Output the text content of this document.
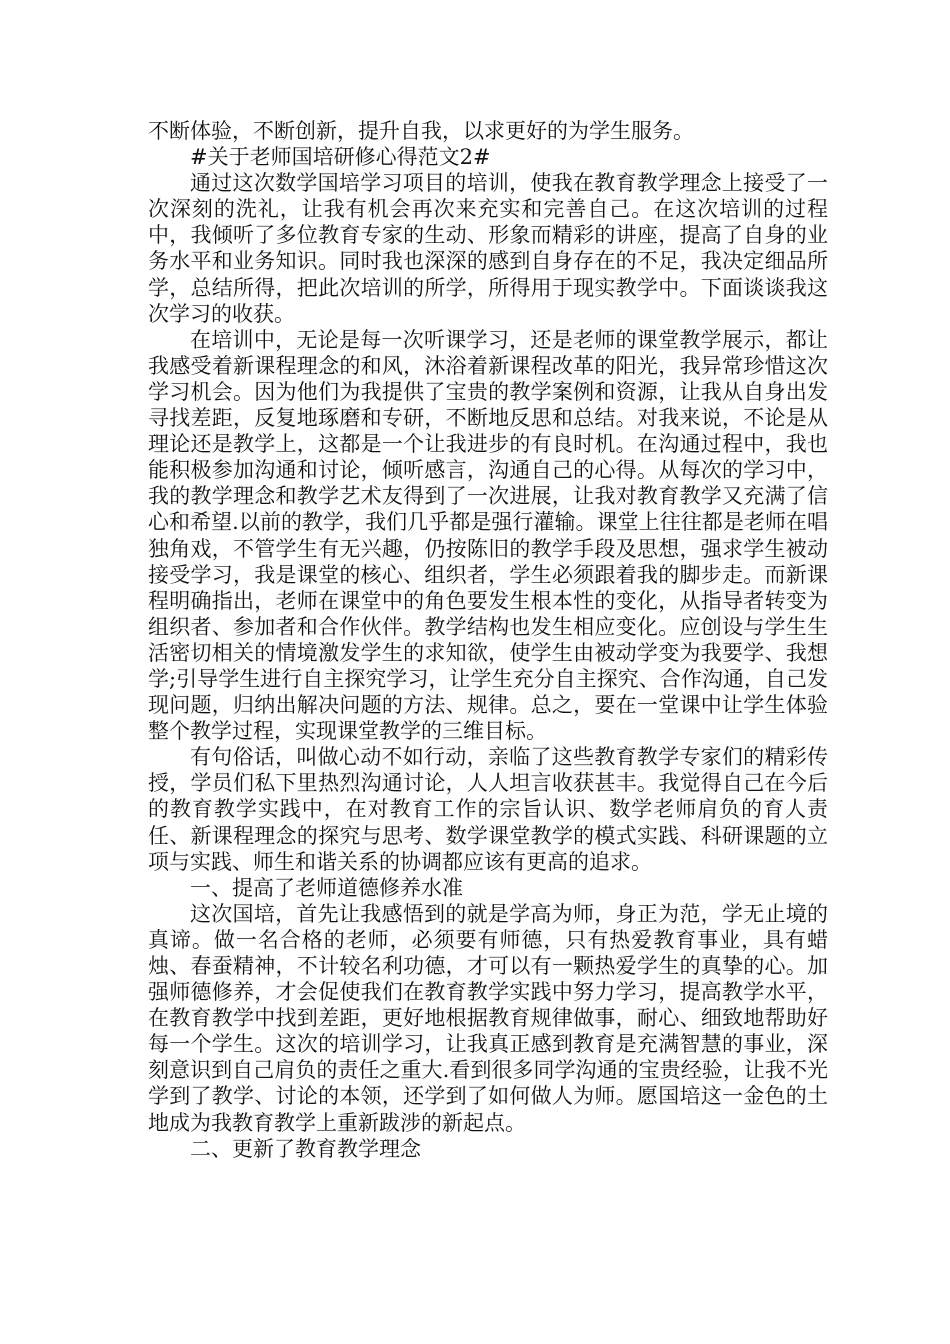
不断体验，不断创新，提升自我，以求更好的为学生服务。

#关于老师国培研修心得范文2#

通过这次数学国培学习项目的培训，使我在教育教学理念上接受了一次深刻的洗礼，让我有机会再次来充实和完善自己。在这次培训的过程中，我倾听了多位教育专家的生动、形象而精彩的讲座，提高了自身的业务水平和业务知识。同时我也深深的感到自身存在的不足，我决定细品所学，总结所得，把此次培训的所学，所得用于现实教学中。下面谈谈我这次学习的收获。

在培训中，无论是每一次听课学习，还是老师的课堂教学展示，都让我感受着新课程理念的和风，沐浴着新课程改革的阳光，我异常珍惜这次学习机会。因为他们为我提供了宝贵的教学案例和资源，让我从自身出发寻找差距，反复地琢磨和专研，不断地反思和总结。对我来说，不论是从理论还是教学上，这都是一个让我进步的有良时机。在沟通过程中，我也能积极参加沟通和讨论，倾听感言，沟通自己的心得。从每次的学习中，我的教学理念和教学艺术友得到了一次进展，让我对教育教学又充满了信心和希望.以前的教学，我们几乎都是强行灌输。课堂上往往都是老师在唱独角戏，不管学生有无兴趣，仍按陈旧的教学手段及思想，强求学生被动接受学习，我是课堂的核心、组织者，学生必须跟着我的脚步走。而新课程明确指出，老师在课堂中的角色要发生根本性的变化，从指导者转变为组织者、参加者和合作伙伴。教学结构也发生相应变化。应创设与学生生活密切相关的情境激发学生的求知欲，使学生由被动学变为我要学、我想学;引导学生进行自主探究学习，让学生充分自主探究、合作沟通，自己发现问题，归纳出解决问题的方法、规律。总之，要在一堂课中让学生体验整个教学过程，实现课堂教学的三维目标。

有句俗话，叫做心动不如行动，亲临了这些教育教学专家们的精彩传授，学员们私下里热烈沟通讨论，人人坦言收获甚丰。我觉得自己在今后的教育教学实践中，在对教育工作的宗旨认识、数学老师肩负的育人责任、新课程理念的探究与思考、数学课堂教学的模式实践、科研课题的立项与实践、师生和谐关系的协调都应该有更高的追求。

一、提高了老师道德修养水准

这次国培，首先让我感悟到的就是学高为师，身正为范，学无止境的真谛。做一名合格的老师，必须要有师德，只有热爱教育事业，具有蜡烛、春蚕精神，不计较名利功德，才可以有一颗热爱学生的真挚的心。加强师德修养，才会促使我们在教育教学实践中努力学习，提高教学水平，在教育教学中找到差距，更好地根据教育规律做事，耐心、细致地帮助好每一个学生。这次的培训学习，让我真正感到教育是充满智慧的事业，深刻意识到自己肩负的责任之重大.看到很多同学沟通的宝贵经验，让我不光学到了教学、讨论的本领，还学到了如何做人为师。愿国培这一金色的土地成为我教育教学上重新跋涉的新起点。

二、更新了教育教学理念
